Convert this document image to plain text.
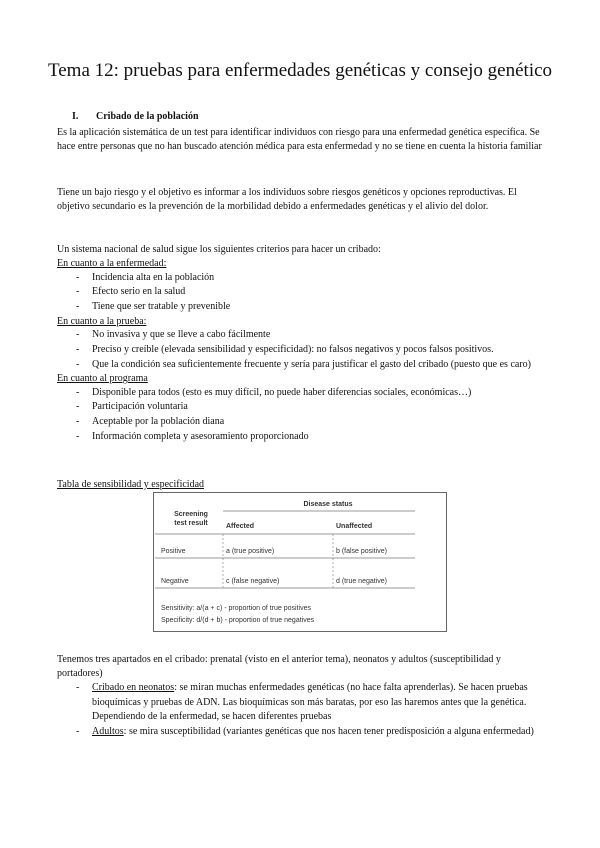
Tema 12: pruebas para enfermedades genéticas y consejo genético
I. Cribado de la población
Es la aplicación sistemática de un test para identificar individuos con riesgo para una enfermedad genética específica. Se hace entre personas que no han buscado atención médica para esta enfermedad y no se tiene en cuenta la historia familiar
Tiene un bajo riesgo y el objetivo es informar a los individuos sobre riesgos genéticos y opciones reproductivas. El objetivo secundario es la prevención de la morbilidad debido a enfermedades genéticas y el alivio del dolor.
Un sistema nacional de salud sigue los siguientes criterios para hacer un cribado:
En cuanto a la enfermedad:
- Incidencia alta en la población
- Efecto serio en la salud
- Tiene que ser tratable y prevenible
En cuanto a la prueba:
- No invasiva y que se lleve a cabo fácilmente
- Preciso y creíble (elevada sensibilidad y especificidad): no falsos negativos y pocos falsos positivos.
- Que la condición sea suficientemente frecuente y sería para justificar el gasto del cribado (puesto que es caro)
En cuanto al programa
- Disponible para todos (esto es muy difícil, no puede haber diferencias sociales, económicas…)
- Participación voluntaria
- Aceptable por la población diana
- Información completa y asesoramiento proporcionado
Tabla de sensibilidad y especificidad
Disease status
Screening
test result	Affected	Unaffected
Positive	a (true positive)	b (false positive)
Negative	c (false negative)	d (true negative)
Sensitivity: a/(a + c) - proportion of true positives
Specificity: d/(d + b) - proportion of true negatives
Tenemos tres apartados en el cribado: prenatal (visto en el anterior tema), neonatos y adultos (susceptibilidad y portadores)
- Cribado en neonatos: se miran muchas enfermedades genéticas (no hace falta aprenderlas). Se hacen pruebas bioquímicas y pruebas de ADN. Las bioquímicas son más baratas, por eso las haremos antes que la genética. Dependiendo de la enfermedad, se hacen diferentes pruebas
- Adultos: se mira susceptibilidad (variantes genéticas que nos hacen tener predisposición a alguna enfermedad)
